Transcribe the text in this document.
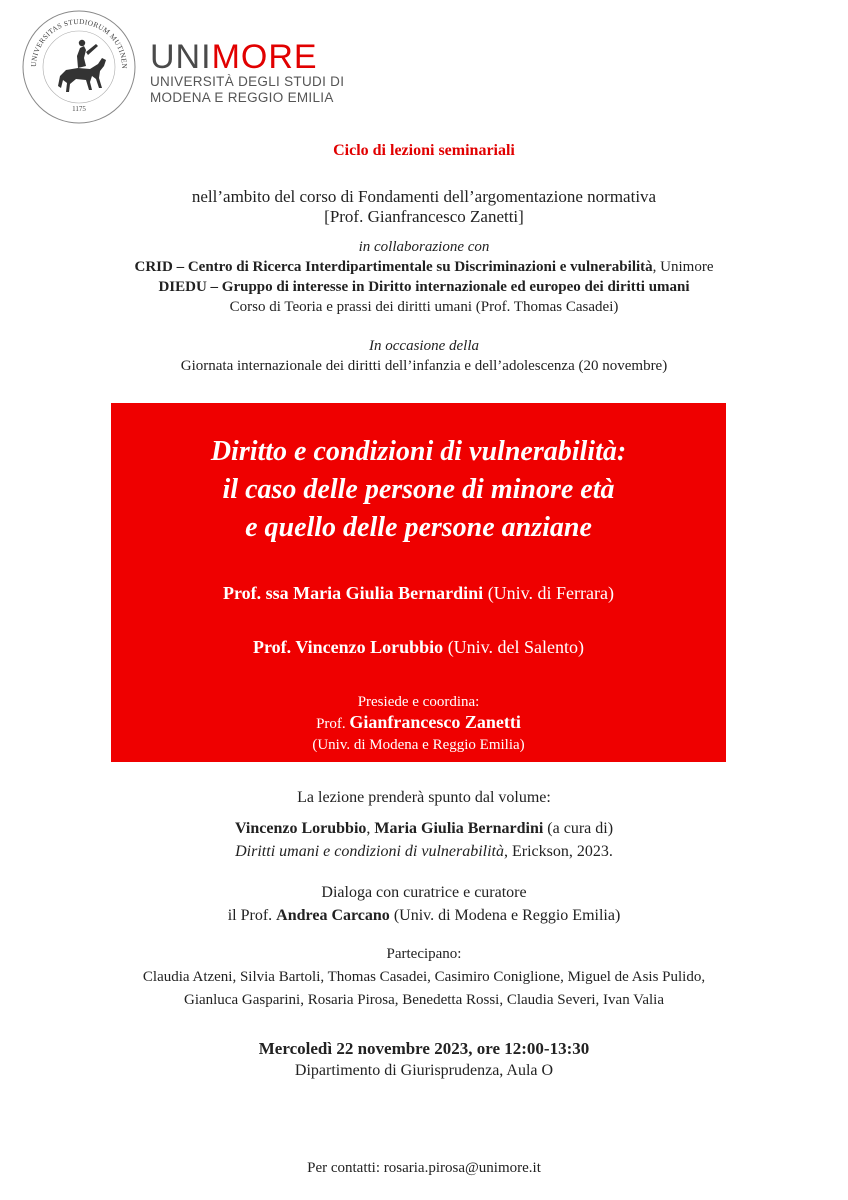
UNIVERSITAS STUDIORUM MUTINEN
1175
UNIMORE
UNIVERSITÀ DEGLI STUDI DI
MODENA E REGGIO EMILIA
Ciclo di lezioni seminariali
nell’ambito del corso di Fondamenti dell’argomentazione normativa
[Prof. Gianfrancesco Zanetti]
in collaborazione con
CRID – Centro di Ricerca Interdipartimentale su Discriminazioni e vulnerabilità, Unimore
DIEDU – Gruppo di interesse in Diritto internazionale ed europeo dei diritti umani
Corso di Teoria e prassi dei diritti umani (Prof. Thomas Casadei)
In occasione della
Giornata internazionale dei diritti dell’infanzia e dell’adolescenza (20 novembre)
Diritto e condizioni di vulnerabilità:
il caso delle persone di minore età
e quello delle persone anziane
Prof. ssa Maria Giulia Bernardini (Univ. di Ferrara)
Prof. Vincenzo Lorubbio (Univ. del Salento)
Presiede e coordina:
Prof. Gianfrancesco Zanetti
(Univ. di Modena e Reggio Emilia)
La lezione prenderà spunto dal volume:
Vincenzo Lorubbio, Maria Giulia Bernardini (a cura di)
Diritti umani e condizioni di vulnerabilità, Erickson, 2023.
Dialoga con curatrice e curatore
il Prof. Andrea Carcano (Univ. di Modena e Reggio Emilia)
Partecipano:
Claudia Atzeni, Silvia Bartoli, Thomas Casadei, Casimiro Coniglione, Miguel de Asis Pulido,
Gianluca Gasparini, Rosaria Pirosa, Benedetta Rossi, Claudia Severi, Ivan Valia
Mercoledì 22 novembre 2023, ore 12:00-13:30
Dipartimento di Giurisprudenza, Aula O
Per contatti: rosaria.pirosa@unimore.it
